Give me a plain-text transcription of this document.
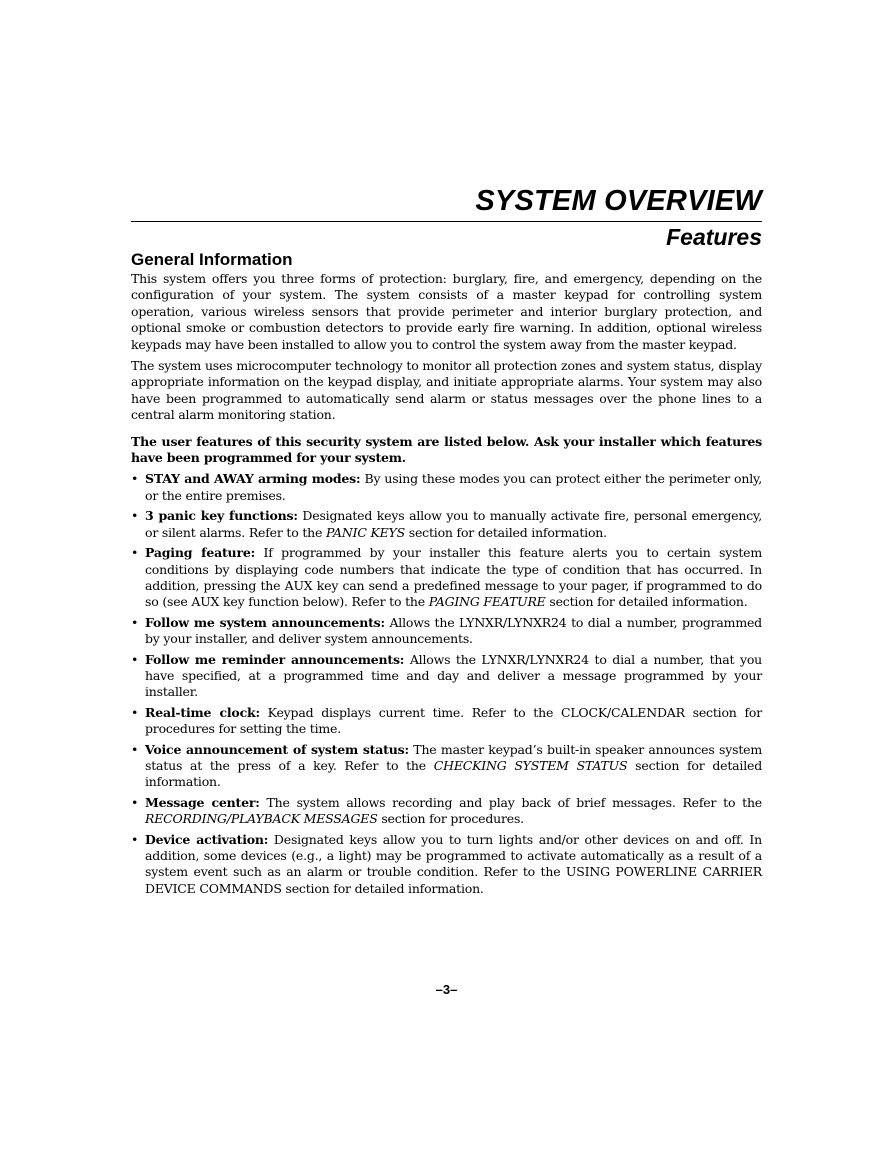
SYSTEM OVERVIEW
Features
General Information

This system offers you three forms of protection: burglary, fire, and emergency, depending on the configuration of your system. The system consists of a master keypad for controlling system operation, various wireless sensors that provide perimeter and interior burglary protection, and optional smoke or combustion detectors to provide early fire warning. In addition, optional wireless keypads may have been installed to allow you to control the system away from the master keypad.

The system uses microcomputer technology to monitor all protection zones and system status, display appropriate information on the keypad display, and initiate appropriate alarms. Your system may also have been programmed to automatically send alarm or status messages over the phone lines to a central alarm monitoring station.

The user features of this security system are listed below. Ask your installer which features have been programmed for your system.

• STAY and AWAY arming modes: By using these modes you can protect either the perimeter only, or the entire premises.
• 3 panic key functions: Designated keys allow you to manually activate fire, personal emergency, or silent alarms. Refer to the PANIC KEYS section for detailed information.
• Paging feature: If programmed by your installer this feature alerts you to certain system conditions by displaying code numbers that indicate the type of condition that has occurred. In addition, pressing the AUX key can send a predefined message to your pager, if programmed to do so (see AUX key function below). Refer to the PAGING FEATURE section for detailed information.
• Follow me system announcements: Allows the LYNXR/LYNXR24 to dial a number, programmed by your installer, and deliver system announcements.
• Follow me reminder announcements: Allows the LYNXR/LYNXR24 to dial a number, that you have specified, at a programmed time and day and deliver a message programmed by your installer.
• Real-time clock: Keypad displays current time. Refer to the CLOCK/CALENDAR section for procedures for setting the time.
• Voice announcement of system status: The master keypad’s built-in speaker announces system status at the press of a key. Refer to the CHECKING SYSTEM STATUS section for detailed information.
• Message center: The system allows recording and play back of brief messages. Refer to the RECORDING/PLAYBACK MESSAGES section for procedures.
• Device activation: Designated keys allow you to turn lights and/or other devices on and off. In addition, some devices (e.g., a light) may be programmed to activate automatically as a result of a system event such as an alarm or trouble condition. Refer to the USING POWERLINE CARRIER DEVICE COMMANDS section for detailed information.
–3–
